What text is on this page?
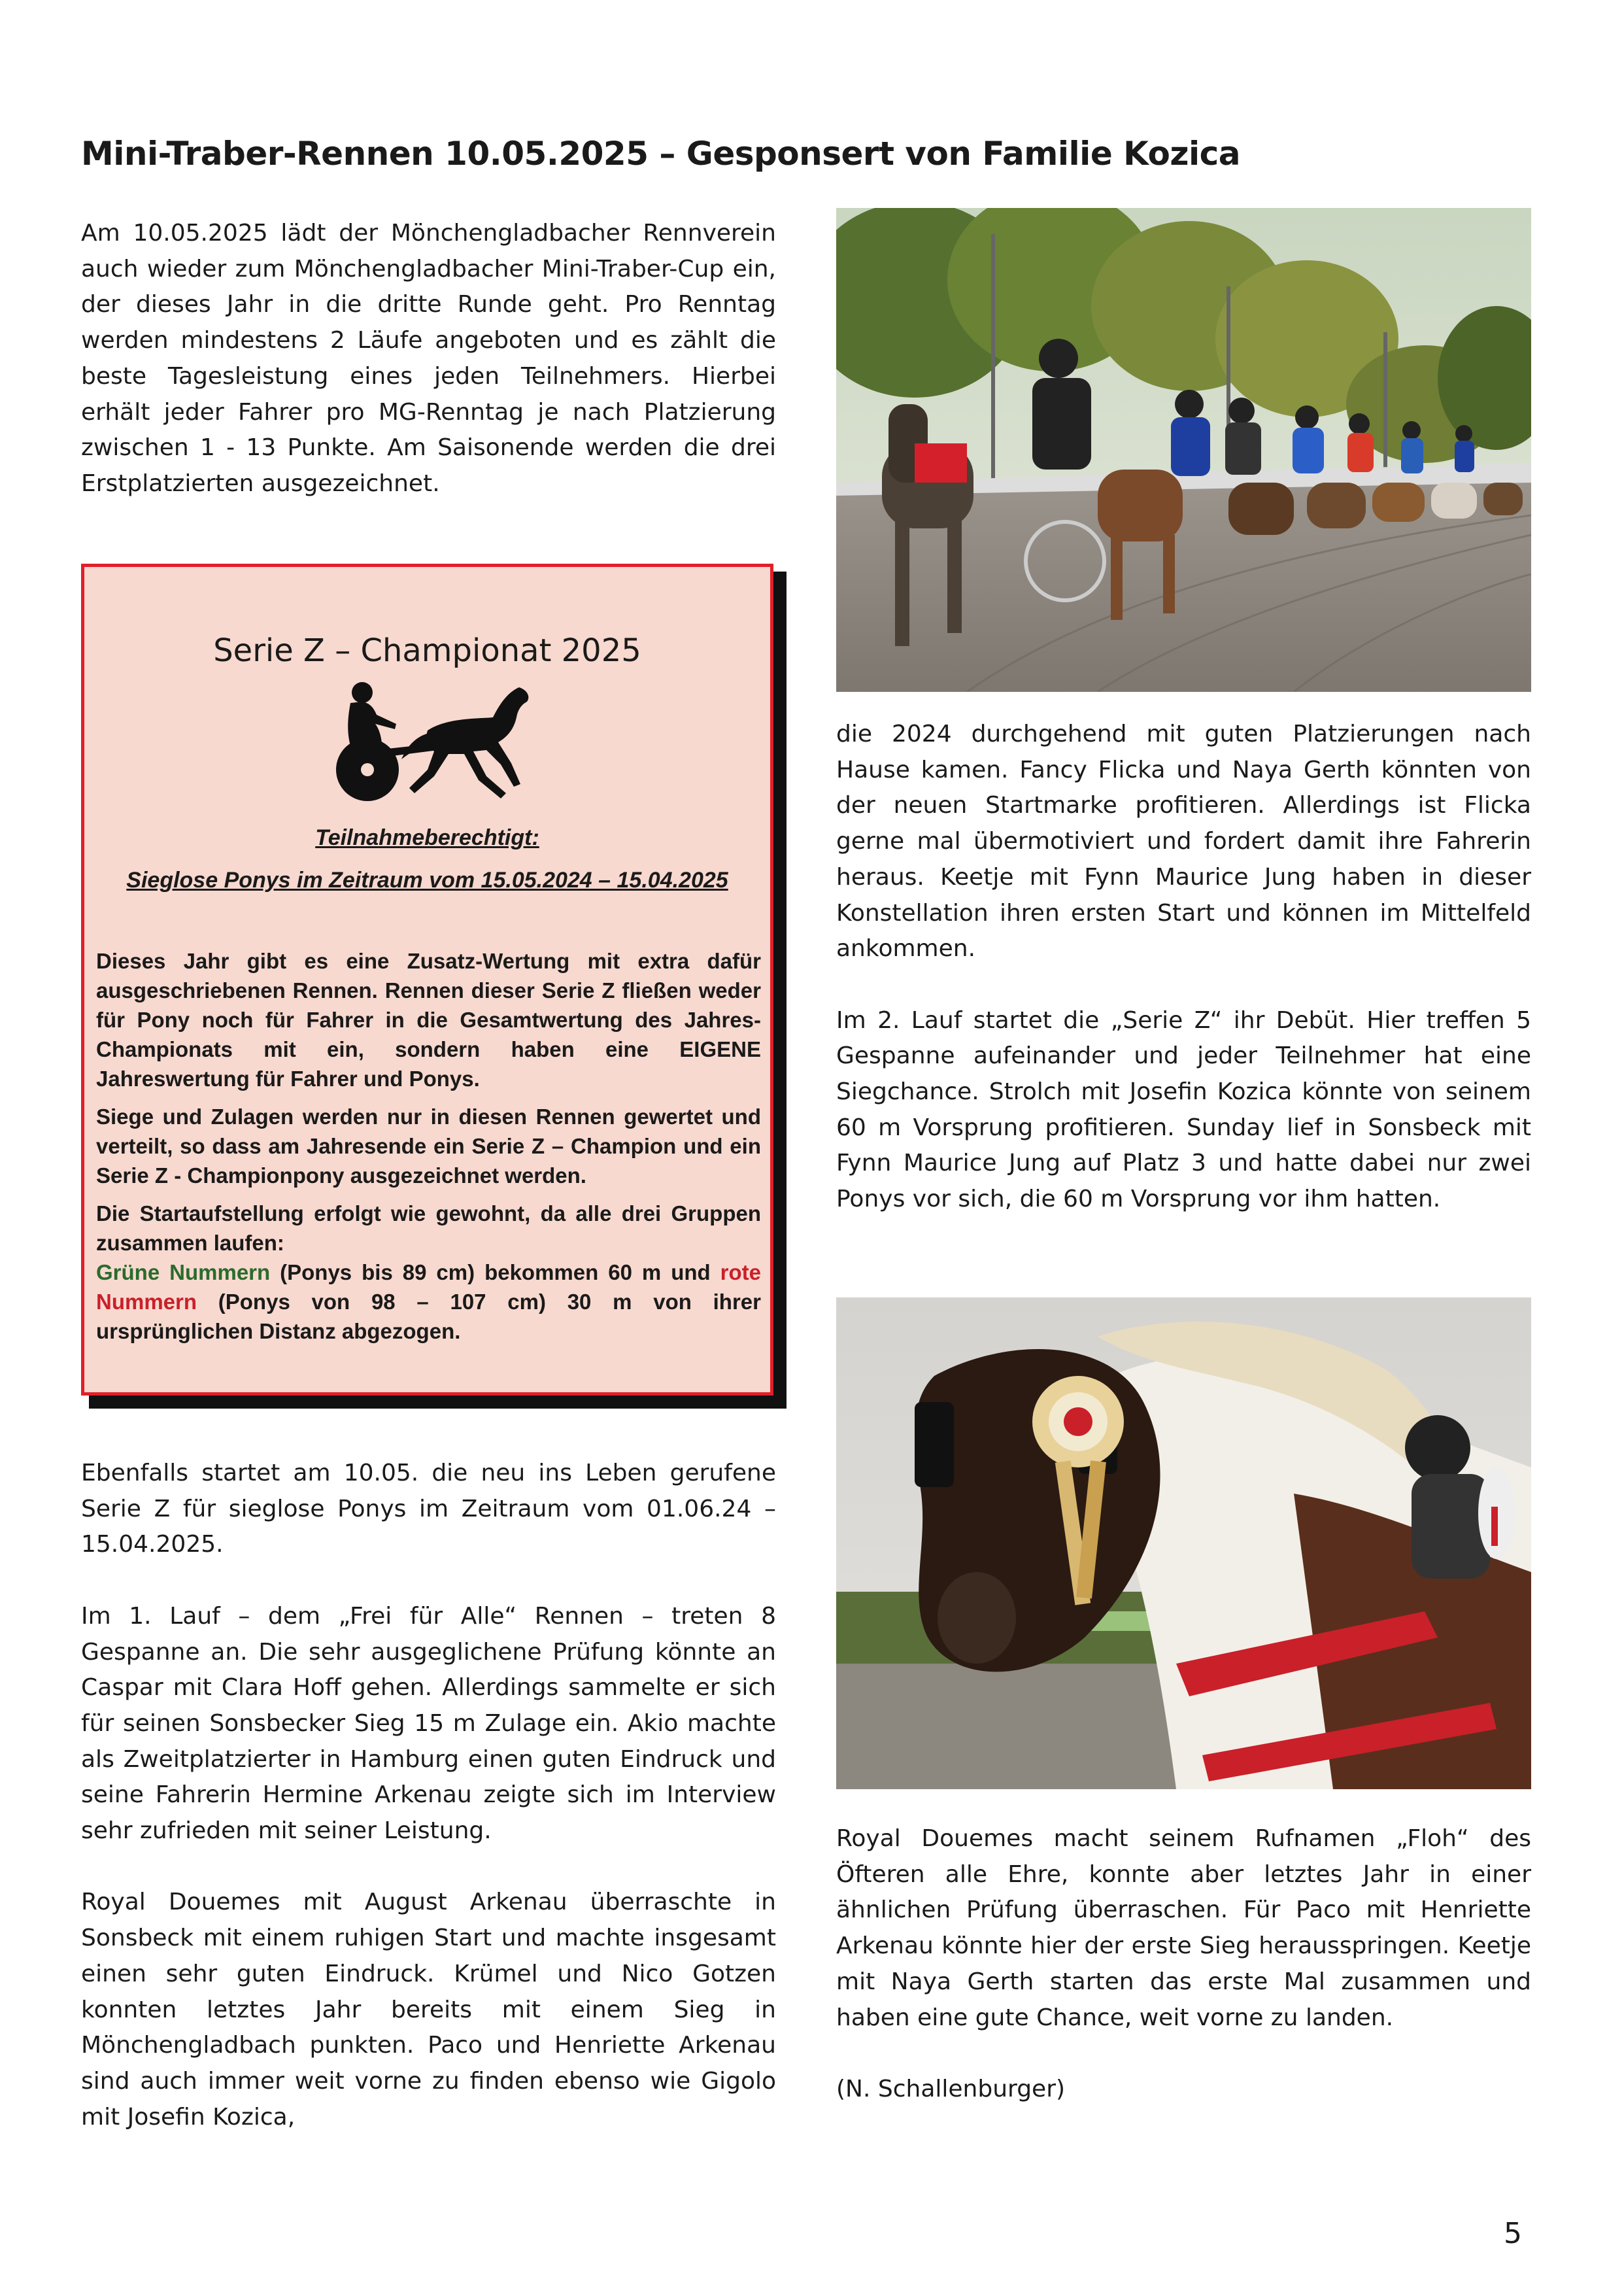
Mini-Traber-Rennen 10.05.2025 – Gesponsert von Familie Kozica

Am 10.05.2025 lädt der Mönchengladbacher Rennverein auch wieder zum Mönchengladbacher Mini-Traber-Cup ein, der dieses Jahr in die dritte Runde geht. Pro Renntag werden mindestens 2 Läufe angeboten und es zählt die beste Tagesleistung eines jeden Teilnehmers. Hierbei erhält jeder Fahrer pro MG-Renntag je nach Platzierung zwischen 1 - 13 Punkte. Am Saisonende werden die drei Erstplatzierten ausgezeichnet.

Serie Z – Championat 2025
Teilnahmeberechtigt:
Sieglose Ponys im Zeitraum vom 15.05.2024 – 15.04.2025

Dieses Jahr gibt es eine Zusatz-Wertung mit extra dafür ausgeschriebenen Rennen. Rennen dieser Serie Z fließen weder für Pony noch für Fahrer in die Gesamtwertung des Jahres-Championats mit ein, sondern haben eine EIGENE Jahreswertung für Fahrer und Ponys.

Siege und Zulagen werden nur in diesen Rennen gewertet und verteilt, so dass am Jahresende ein Serie Z – Champion und ein Serie Z - Championpony ausgezeichnet werden.

Die Startaufstellung erfolgt wie gewohnt, da alle drei Gruppen zusammen laufen:
Grüne Nummern (Ponys bis 89 cm) bekommen 60 m und rote Nummern (Ponys von 98 – 107 cm) 30 m von ihrer ursprünglichen Distanz abgezogen.

Ebenfalls startet am 10.05. die neu ins Leben gerufene Serie Z für sieglose Ponys im Zeitraum vom 01.06.24 – 15.04.2025.

Im 1. Lauf – dem „Frei für Alle“ Rennen – treten 8 Gespanne an. Die sehr ausgeglichene Prüfung könnte an Caspar mit Clara Hoff gehen. Allerdings sammelte er sich für seinen Sonsbecker Sieg 15 m Zulage ein. Akio machte als Zweitplatzierter in Hamburg einen guten Eindruck und seine Fahrerin Hermine Arkenau zeigte sich im Interview sehr zufrieden mit seiner Leistung.

Royal Douemes mit August Arkenau überraschte in Sonsbeck mit einem ruhigen Start und machte insgesamt einen sehr guten Eindruck. Krümel und Nico Gotzen konnten letztes Jahr bereits mit einem Sieg in Mönchengladbach punkten. Paco und Henriette Arkenau sind auch immer weit vorne zu finden ebenso wie Gigolo mit Josefin Kozica,

die 2024 durchgehend mit guten Platzierungen nach Hause kamen. Fancy Flicka und Naya Gerth könnten von der neuen Startmarke profitieren. Allerdings ist Flicka gerne mal übermotiviert und fordert damit ihre Fahrerin heraus. Keetje mit Fynn Maurice Jung haben in dieser Konstellation ihren ersten Start und können im Mittelfeld ankommen.

Im 2. Lauf startet die „Serie Z“ ihr Debüt. Hier treffen 5 Gespanne aufeinander und jeder Teilnehmer hat eine Siegchance. Strolch mit Josefin Kozica könnte von seinem 60 m Vorsprung profitieren. Sunday lief in Sonsbeck mit Fynn Maurice Jung auf Platz 3 und hatte dabei nur zwei Ponys vor sich, die 60 m Vorsprung vor ihm hatten.

Royal Douemes macht seinem Rufnamen „Floh“ des Öfteren alle Ehre, konnte aber letztes Jahr in einer ähnlichen Prüfung überraschen. Für Paco mit Henriette Arkenau könnte hier der erste Sieg herausspringen. Keetje mit Naya Gerth starten das erste Mal zusammen und haben eine gute Chance, weit vorne zu landen.

(N. Schallenburger)

5
